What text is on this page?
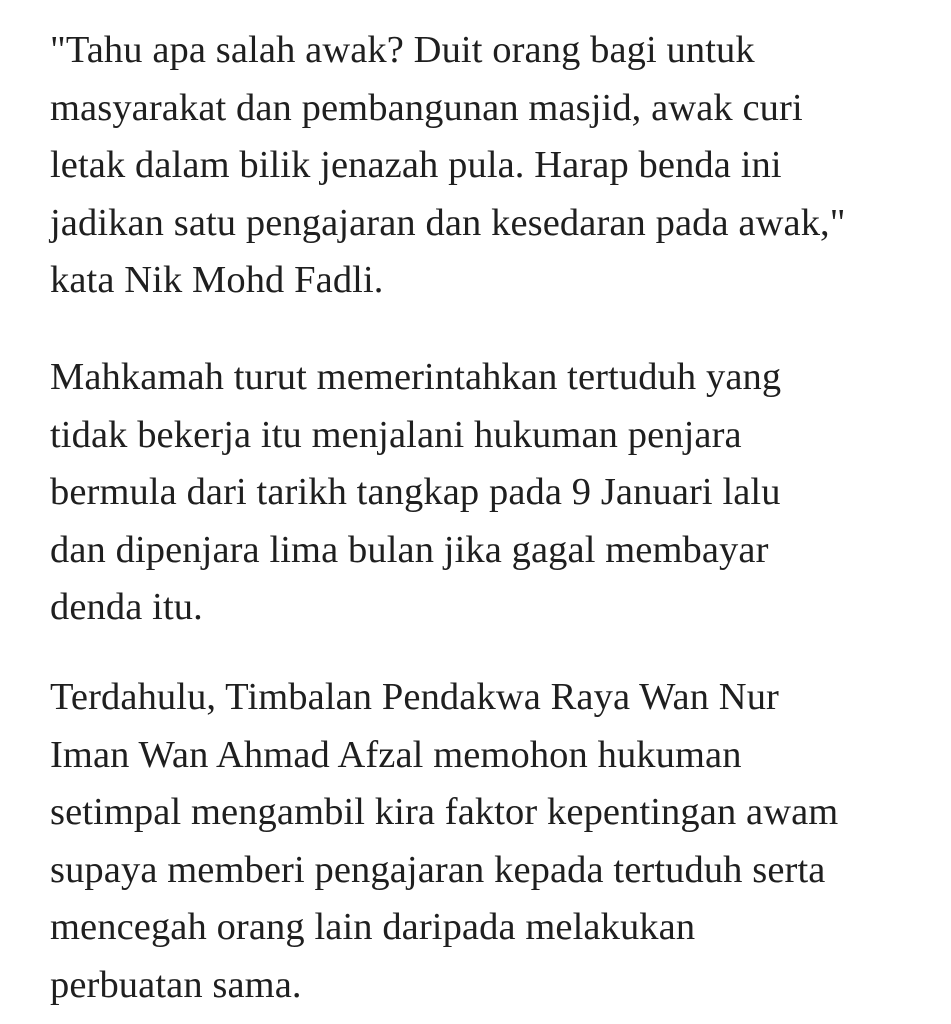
"Tahu apa salah awak? Duit orang bagi untuk
masyarakat dan pembangunan masjid, awak curi
letak dalam bilik jenazah pula. Harap benda ini
jadikan satu pengajaran dan kesedaran pada awak,"
kata Nik Mohd Fadli.

Mahkamah turut memerintahkan tertuduh yang
tidak bekerja itu menjalani hukuman penjara
bermula dari tarikh tangkap pada 9 Januari lalu
dan dipenjara lima bulan jika gagal membayar
denda itu.

Terdahulu, Timbalan Pendakwa Raya Wan Nur
Iman Wan Ahmad Afzal memohon hukuman
setimpal mengambil kira faktor kepentingan awam
supaya memberi pengajaran kepada tertuduh serta
mencegah orang lain daripada melakukan
perbuatan sama.
